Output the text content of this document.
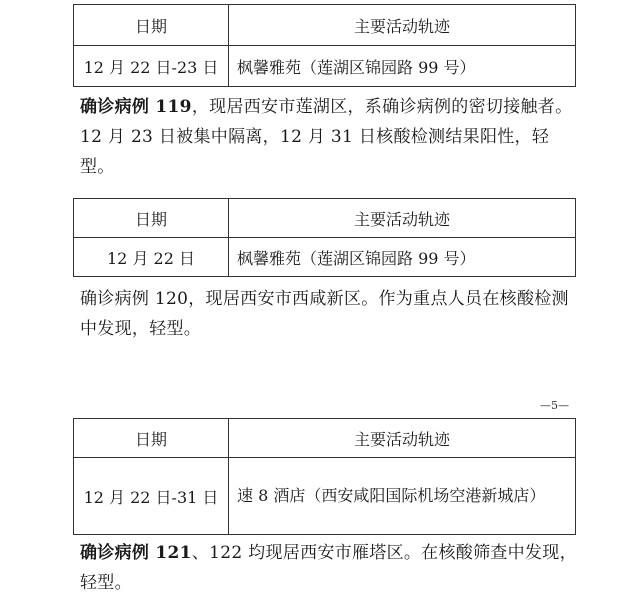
日期	主要活动轨迹
12 月 22 日-23 日	枫馨雅苑（莲湖区锦园路 99 号）
确诊病例 119，现居西安市莲湖区，系确诊病例的密切接触者。12 月 23 日被集中隔离，12 月 31 日核酸检测结果阳性，轻型。
日期	主要活动轨迹
12 月 22 日	枫馨雅苑（莲湖区锦园路 99 号）
确诊病例 120，现居西安市西咸新区。作为重点人员在核酸检测中发现，轻型。
—5—
日期	主要活动轨迹
12 月 22 日-31 日	速 8 酒店（西安咸阳国际机场空港新城店）
确诊病例 121、122 均现居西安市雁塔区。在核酸筛查中发现，轻型。
